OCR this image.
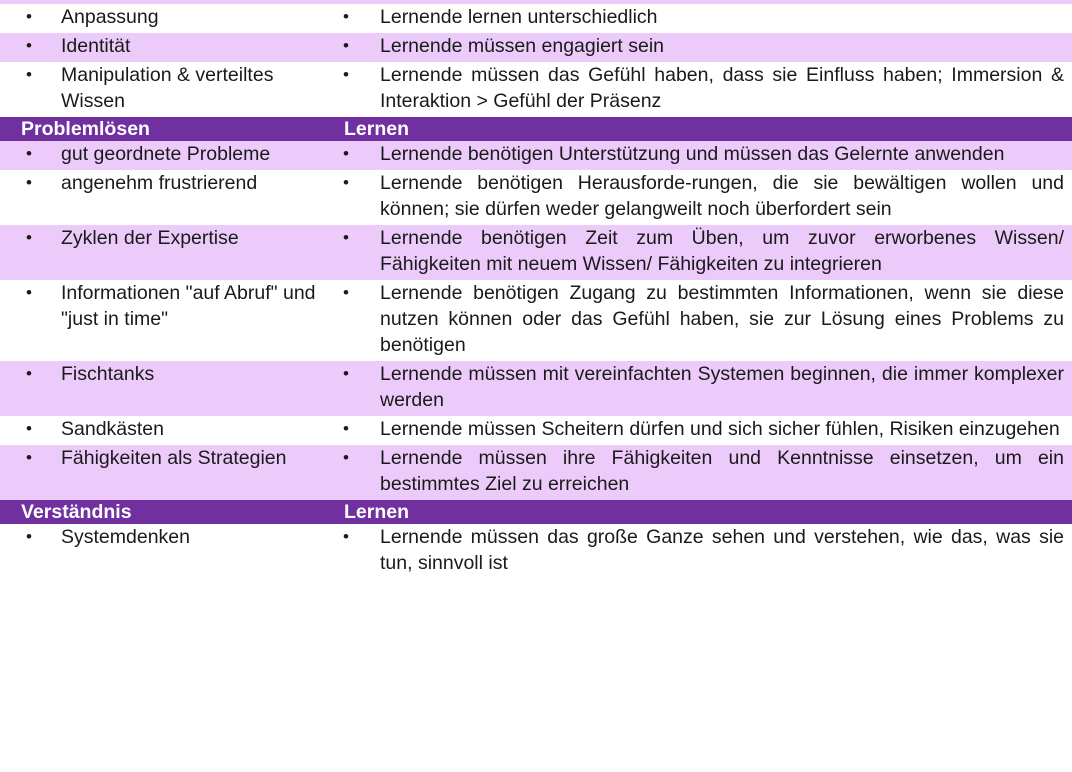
• Anpassung	• Lernende lernen unterschiedlich

• Identität	• Lernende müssen engagiert sein

• Manipulation & verteiltes Wissen	• Lernende müssen das Gefühl haben, dass sie Einfluss haben; Immersion & Interaktion > Gefühl der Präsenz

Problemlösen	Lernen

• gut geordnete Probleme	• Lernende benötigen Unterstützung und müssen das Gelernte anwenden

• angenehm frustrierend	• Lernende benötigen Herausforde-rungen, die sie bewältigen wollen und können; sie dürfen weder gelangweilt noch überfordert sein

• Zyklen der Expertise	• Lernende benötigen Zeit zum Üben, um zuvor erworbenes Wissen/ Fähigkeiten mit neuem Wissen/ Fähigkeiten zu integrieren

• Informationen "auf Abruf" und "just in time"	• Lernende benötigen Zugang zu bestimmten Informationen, wenn sie diese nutzen können oder das Gefühl haben, sie zur Lösung eines Problems zu benötigen

• Fischtanks	• Lernende müssen mit vereinfachten Systemen beginnen, die immer komplexer werden

• Sandkästen	• Lernende müssen Scheitern dürfen und sich sicher fühlen, Risiken einzugehen

• Fähigkeiten als Strategien	• Lernende müssen ihre Fähigkeiten und Kenntnisse einsetzen, um ein bestimmtes Ziel zu erreichen

Verständnis	Lernen

• Systemdenken	• Lernende müssen das große Ganze sehen und verstehen, wie das, was sie tun, sinnvoll ist
